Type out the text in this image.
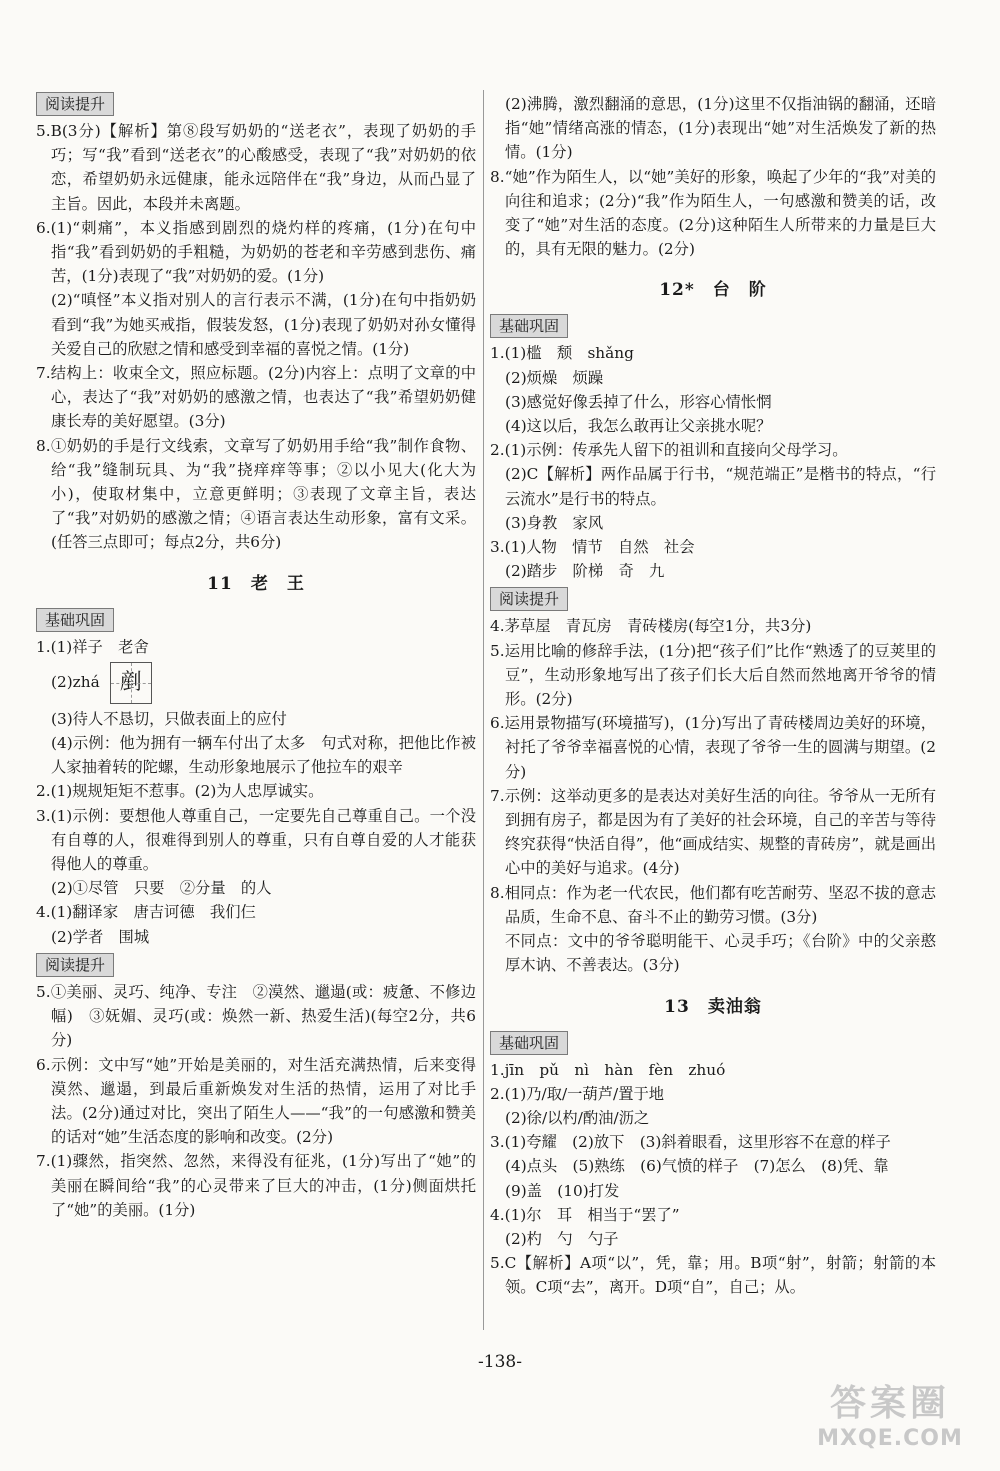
阅读提升

5.B(3分)【解析】第⑧段写奶奶的“送老衣”，表现了奶奶的手巧；写“我”看到“送老衣”的心酸感受，表现了“我”对奶奶的依恋，希望奶奶永远健康，能永远陪伴在“我”身边，从而凸显了主旨。因此，本段并未离题。

6.(1)“刺痛”，本义指感到剧烈的烧灼样的疼痛，(1分)在句中指“我”看到奶奶的手粗糙，为奶奶的苍老和辛劳感到悲伤、痛苦，(1分)表现了“我”对奶奶的爱。(1分)

(2)“嗔怪”本义指对别人的言行表示不满，(1分)在句中指奶奶看到“我”为她买戒指，假装发怒，(1分)表现了奶奶对孙女懂得关爱自己的欣慰之情和感受到幸福的喜悦之情。(1分)

7.结构上：收束全文，照应标题。(2分)内容上：点明了文章的中心，表达了“我”对奶奶的感激之情，也表达了“我”希望奶奶健康长寿的美好愿望。(3分)

8.①奶奶的手是行文线索，文章写了奶奶用手给“我”制作食物、给“我”缝制玩具、为“我”挠痒痒等事；②以小见大(化大为小)，使取材集中，立意更鲜明；③表现了文章主旨，表达了“我”对奶奶的感激之情；④语言表达生动形象，富有文采。(任答三点即可；每点2分，共6分)

11　老　王
基础巩固

1.(1)祥子　老舍

(2)zhá 剷

(3)待人不恳切，只做表面上的应付

(4)示例：他为拥有一辆车付出了太多　句式对称，把他比作被人家抽着转的陀螺，生动形象地展示了他拉车的艰辛

2.(1)规规矩矩不惹事。(2)为人忠厚诚实。

3.(1)示例：要想他人尊重自己，一定要先自己尊重自己。一个没有自尊的人，很难得到别人的尊重，只有自尊自爱的人才能获得他人的尊重。

(2)①尽管　只要　②分量　的人

4.(1)翻译家　唐吉诃德　我们仨

(2)学者　围城

阅读提升

5.①美丽、灵巧、纯净、专注　②漠然、邋遢(或：疲惫、不修边幅)　③妩媚、灵巧(或：焕然一新、热爱生活)(每空2分，共6分)

6.示例：文中写“她”开始是美丽的，对生活充满热情，后来变得漠然、邋遢，到最后重新焕发对生活的热情，运用了对比手法。(2分)通过对比，突出了陌生人——“我”的一句感激和赞美的话对“她”生活态度的影响和改变。(2分)

7.(1)骤然，指突然、忽然，来得没有征兆，(1分)写出了“她”的美丽在瞬间给“我”的心灵带来了巨大的冲击，(1分)侧面烘托了“她”的美丽。(1分)

(2)沸腾，激烈翻涌的意思，(1分)这里不仅指油锅的翻涌，还暗指“她”情绪高涨的情态，(1分)表现出“她”对生活焕发了新的热情。(1分)

8.“她”作为陌生人，以“她”美好的形象，唤起了少年的“我”对美的向往和追求；(2分)“我”作为陌生人，一句感激和赞美的话，改变了“她”对生活的态度。(2分)这种陌生人所带来的力量是巨大的，具有无限的魅力。(2分)

12*　台　阶
基础巩固

1.(1)槛　颓　shǎng

(2)烦燥　烦躁

(3)感觉好像丢掉了什么，形容心情怅惘

(4)这以后，我怎么敢再让父亲挑水呢？

2.(1)示例：传承先人留下的祖训和直接向父母学习。

(2)C【解析】两作品属于行书，“规范端正”是楷书的特点，“行云流水”是行书的特点。

(3)身教　家风

3.(1)人物　情节　自然　社会

(2)踏步　阶梯　奇　九

阅读提升

4.茅草屋　青瓦房　青砖楼房(每空1分，共3分)

5.运用比喻的修辞手法，(1分)把“孩子们”比作“熟透了的豆荚里的豆”，生动形象地写出了孩子们长大后自然而然地离开爷爷的情形。(2分)

6.运用景物描写(环境描写)，(1分)写出了青砖楼周边美好的环境，衬托了爷爷幸福喜悦的心情，表现了爷爷一生的圆满与期望。(2分)

7.示例：这举动更多的是表达对美好生活的向往。爷爷从一无所有到拥有房子，都是因为有了美好的社会环境，自己的辛苦与等待终究获得“快活自得”，他“画成结实、规整的青砖房”，就是画出心中的美好与追求。(4分)

8.相同点：作为老一代农民，他们都有吃苦耐劳、坚忍不拔的意志品质，生命不息、奋斗不止的勤劳习惯。(3分)

不同点：文中的爷爷聪明能干、心灵手巧；《台阶》中的父亲憨厚木讷、不善表达。(3分)

13　卖油翁
基础巩固

1.jīn　pǔ　nì　hàn　fèn　zhuó

2.(1)乃/取/一葫芦/置于地

(2)徐/以杓/酌油/沥之

3.(1)夸耀　(2)放下　(3)斜着眼看，这里形容不在意的样子

(4)点头　(5)熟练　(6)气愤的样子　(7)怎么　(8)凭、靠

(9)盖　(10)打发

4.(1)尔　耳　相当于“罢了”

(2)杓　勺　勺子

5.C【解析】A项“以”，凭，靠；用。B项“射”，射箭；射箭的本领。C项“去”，离开。D项“自”，自己；从。

-138-
答案圈
MXQE.COM
